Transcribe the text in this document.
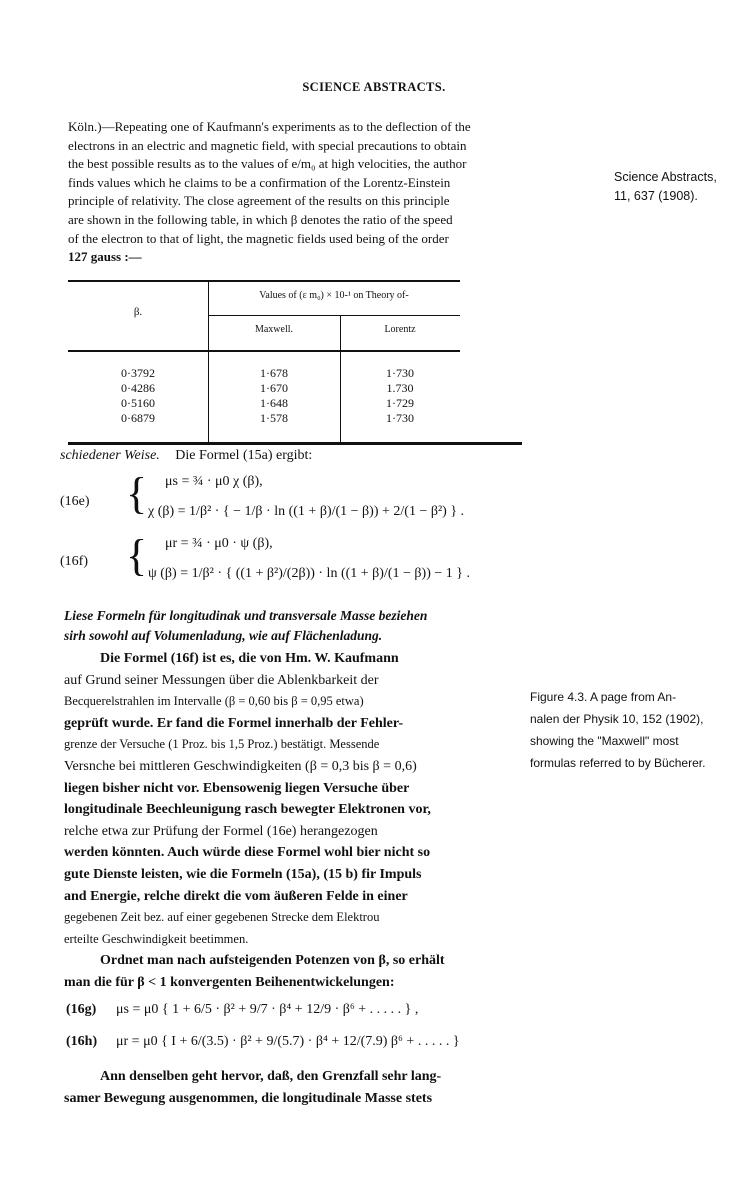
SCIENCE ABSTRACTS.

Köln.)—Repeating one of Kaufmann's experiments as to the deflection of the

electrons in an electric and magnetic field, with special precautions to obtain

the best possible results as to the values of e/m₀ at high velocities, the author

finds values which he claims to be a confirmation of the Lorentz-Einstein

principle of relativity. The close agreement of the results on this principle

are shown in the following table, in which β denotes the ratio of the speed

of the electron to that of light, the magnetic fields used being of the order

127 gauss :—

Science Abstracts,
11, 637 (1908).
β.
Values of (ε m₀) × 10-¹ on Theory of-
Maxwell.	Lorentz
0·3792
0·4286
0·5160
0·6879
1·678
1·670
1·648
1·578
1·730
1.730
1·729
1·730
schiedener Weise. Die Formel (15a) ergibt:
(16e) { μs = ¾ · μ0 χ (β),
χ (β) = 1/β² · { − 1/β · ln ((1 + β)/(1 − β)) + 2/(1 − β²) } .
(16f) { μr = ¾ · μ0 · ψ (β),
ψ (β) = 1/β² · { ((1 + β²)/(2β)) · ln ((1 + β)/(1 − β)) − 1 } .
Liese Formeln für longitudinak und transversale Masse beziehen
sirh sowohl auf Volumenladung, wie auf Flächenladung.

Die Formel (16f) ist es, die von Hm. W. Kaufmann

auf Grund seiner Messungen über die Ablenkbarkeit der

Becquerelstrahlen im Intervalle (β = 0,60 bis β = 0,95 etwa)

geprüft wurde. Er fand die Formel innerhalb der Fehler-

grenze der Versuche (1 Proz. bis 1,5 Proz.) bestätigt. Messende

Versnche bei mittleren Geschwindigkeiten (β = 0,3 bis β = 0,6)

liegen bisher nicht vor. Ebensowenig liegen Versuche über

longitudinale Beechleunigung rasch bewegter Elektronen vor,

relche etwa zur Prüfung der Formel (16e) herangezogen

werden könnten. Auch würde diese Formel wohl bier nicht so

gute Dienste leisten, wie die Formeln (15a), (15 b) fir Impuls

and Energie, relche direkt die vom äußeren Felde in einer

gegebenen Zeit bez. auf einer gegebenen Strecke dem Elektrou

erteilte Geschwindigkeit beetimmen.

Ordnet man nach aufsteigenden Potenzen von β, so erhält

man die für β < 1 konvergenten Beihenentwickelungen:

(16g) μs = μ0 { 1 + 6/5 · β² + 9/7 · β⁴ + 12/9 · β⁶ + . . . . . } ,
(16h) μr = μ0 { I + 6/(3.5) · β² + 9/(5.7) · β⁴ + 12/(7.9) β⁶ + . . . . . }

Ann denselben geht hervor, daß, den Grenzfall sehr lang-

samer Bewegung ausgenommen, die longitudinale Masse stets

Figure 4.3. A page from An-
nalen der Physik 10, 152 (1902),
showing the "Maxwell" most
formulas referred to by Bücherer.
